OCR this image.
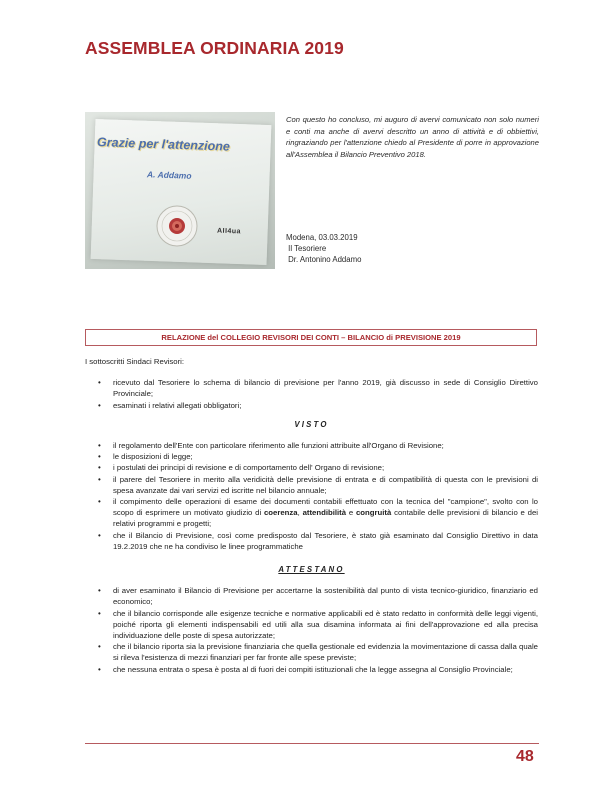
ASSEMBLEA ORDINARIA 2019
Grazie per l'attenzione
A. Addamo
AII4ua
Con questo ho concluso, mi auguro di avervi comunicato non solo numeri e conti ma anche di avervi descritto un anno di attività e di obbiettivi, ringraziando per l'attenzione chiedo al Presidente di porre in approvazione all'Assemblea il Bilancio Preventivo 2018.
Modena, 03.03.2019
Il Tesoriere
Dr. Antonino Addamo
RELAZIONE del COLLEGIO REVISORI DEI CONTI – BILANCIO di PREVISIONE 2019

I sottoscritti Sindaci Revisori:

• ricevuto dal Tesoriere lo schema di bilancio di previsione per l'anno 2019, già discusso in sede di Consiglio Direttivo Provinciale;
• esaminati i relativi allegati obbligatori;
VISTO
• il regolamento dell'Ente con particolare riferimento alle funzioni attribuite all'Organo di Revisione;
• le disposizioni di legge;
• i postulati dei principi di revisione e di comportamento dell' Organo di revisione;
• il parere del Tesoriere in merito alla veridicità delle previsione di entrata e di compatibilità di questa con le previsioni di spesa avanzate dai vari servizi ed iscritte nel bilancio annuale;
• il compimento delle operazioni di esame dei documenti contabili effettuato con la tecnica del "campione", svolto con lo scopo di esprimere un motivato giudizio di coerenza, attendibilità e congruità contabile delle previsioni di bilancio e dei relativi programmi e progetti;
• che il Bilancio di Previsione, così come predisposto dal Tesoriere, è stato già esaminato dal Consiglio Direttivo in data 19.2.2019 che ne ha condiviso le linee programmatiche
ATTESTANO
• di aver esaminato il Bilancio di Previsione per accertarne la sostenibilità dal punto di vista tecnico-giuridico, finanziario ed economico;
• che il bilancio corrisponde alle esigenze tecniche e normative applicabili ed è stato redatto in conformità delle leggi vigenti, poiché riporta gli elementi indispensabili ed utili alla sua disamina informata ai fini dell'approvazione ed alla precisa individuazione delle poste di spesa autorizzate;
• che il bilancio riporta sia la previsione finanziaria che quella gestionale ed evidenzia la movimentazione di cassa dalla quale si rileva l'esistenza di mezzi finanziari per far fronte alle spese previste;
• che nessuna entrata o spesa è posta al di fuori dei compiti istituzionali che la legge assegna al Consiglio Provinciale;
48
